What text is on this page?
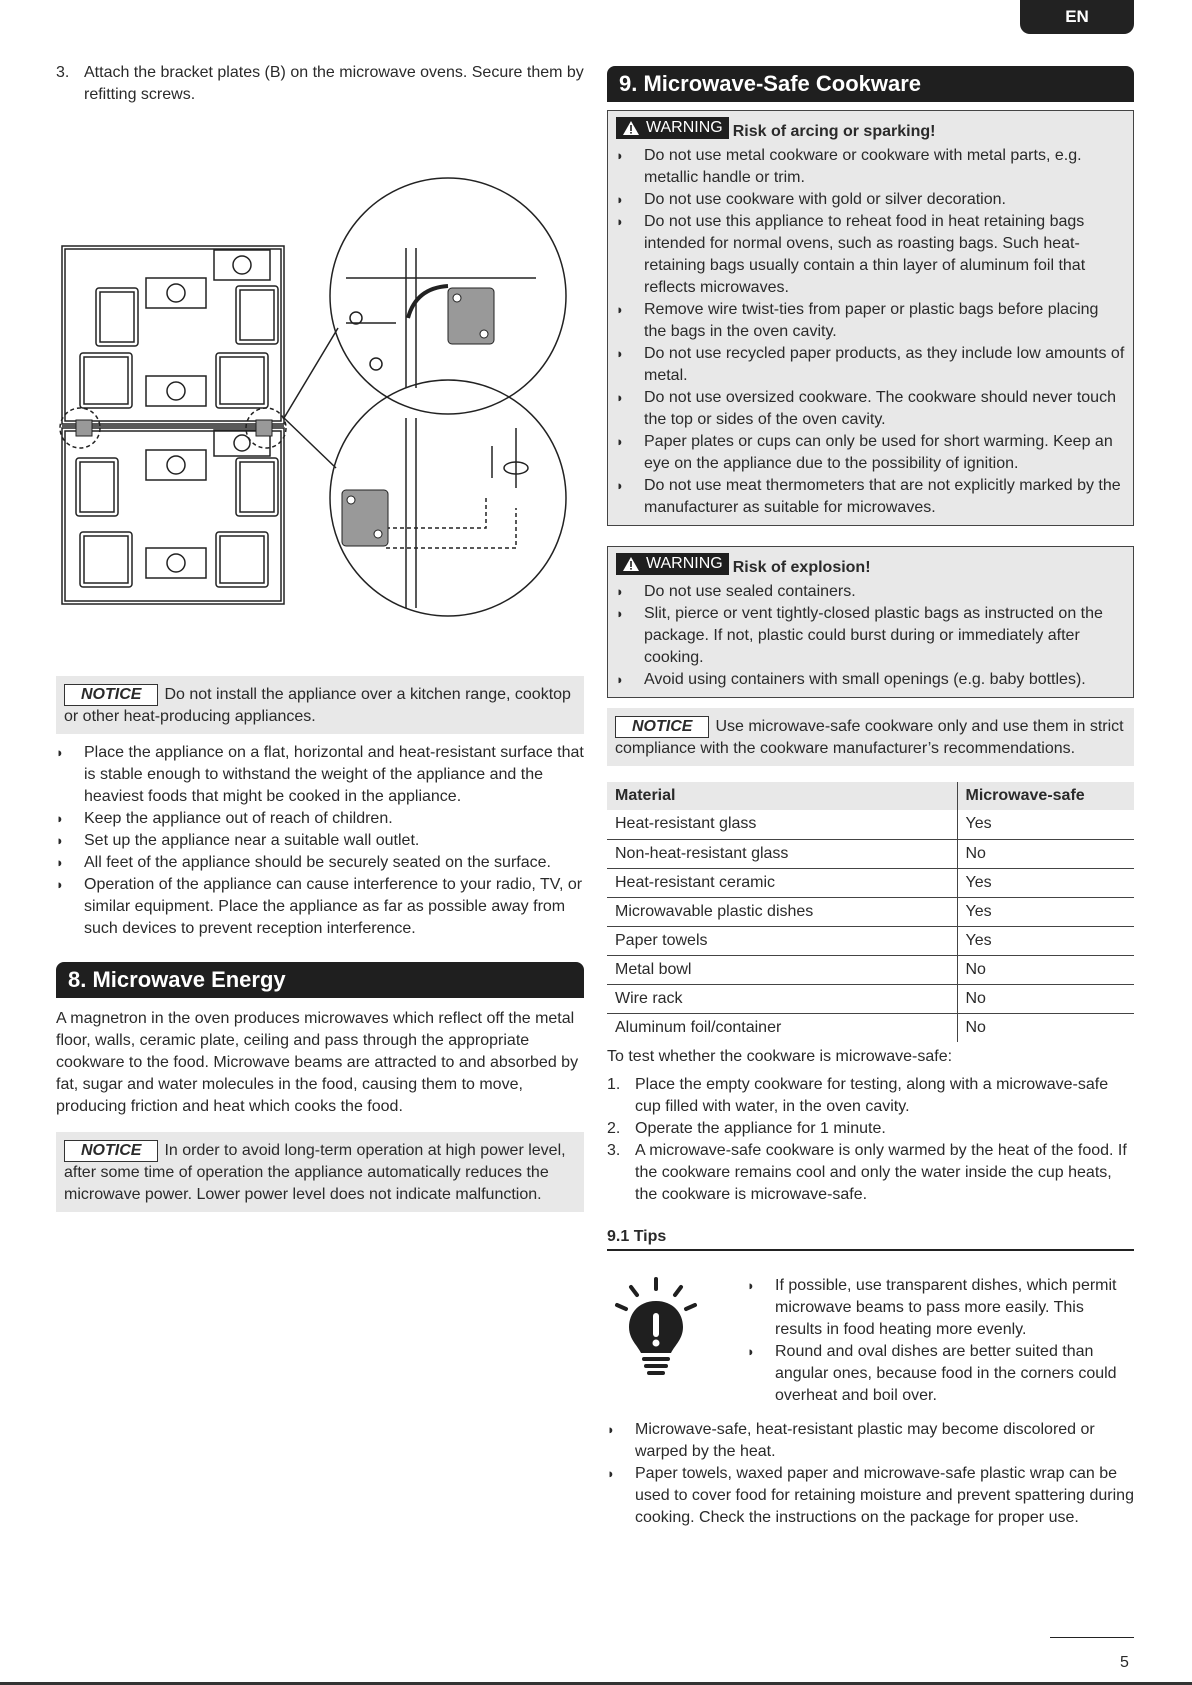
EN
3. Attach the bracket plates (B) on the microwave ovens. Secure them by refitting screws.
NOTICE Do not install the appliance over a kitchen range, cooktop or other heat-producing appliances.
◗ Place the appliance on a flat, horizontal and heat-resistant surface that is stable enough to withstand the weight of the appliance and the heaviest foods that might be cooked in the appliance.
◗ Keep the appliance out of reach of children.
◗ Set up the appliance near a suitable wall outlet.
◗ All feet of the appliance should be securely seated on the surface.
◗ Operation of the appliance can cause interference to your radio, TV, or similar equipment. Place the appliance as far as possible away from such devices to prevent reception interference.
8. Microwave Energy

A magnetron in the oven produces microwaves which reflect off the metal floor, walls, ceramic plate, ceiling and pass through the appropriate cookware to the food. Microwave beams are attracted to and absorbed by fat, sugar and water molecules in the food, causing them to move, producing friction and heat which cooks the food.

NOTICE In order to avoid long-term operation at high power level, after some time of operation the appliance automatically reduces the microwave power. Lower power level does not indicate malfunction.
9. Microwave-Safe Cookware
WARNING Risk of arcing or sparking!
◗ Do not use metal cookware or cookware with metal parts, e.g. metallic handle or trim.
◗ Do not use cookware with gold or silver decoration.
◗ Do not use this appliance to reheat food in heat retaining bags intended for normal ovens, such as roasting bags. Such heat-retaining bags usually contain a thin layer of aluminum foil that reflects microwaves.
◗ Remove wire twist-ties from paper or plastic bags before placing the bags in the oven cavity.
◗ Do not use recycled paper products, as they include low amounts of metal.
◗ Do not use oversized cookware. The cookware should never touch the top or sides of the oven cavity.
◗ Paper plates or cups can only be used for short warming. Keep an eye on the appliance due to the possibility of ignition.
◗ Do not use meat thermometers that are not explicitly marked by the manufacturer as suitable for microwaves.
WARNING Risk of explosion!
◗ Do not use sealed containers.
◗ Slit, pierce or vent tightly-closed plastic bags as instructed on the package. If not, plastic could burst during or immediately after cooking.
◗ Avoid using containers with small openings (e.g. baby bottles).
NOTICE Use microwave-safe cookware only and use them in strict compliance with the cookware manufacturer’s recommendations.
Material	Microwave-safe
Heat-resistant glass	Yes
Non-heat-resistant glass	No
Heat-resistant ceramic	Yes
Microwavable plastic dishes	Yes
Paper towels	Yes
Metal bowl	No
Wire rack	No
Aluminum foil/container	No

To test whether the cookware is microwave-safe:

1. Place the empty cookware for testing, along with a microwave-safe cup filled with water, in the oven cavity.
2. Operate the appliance for 1 minute.
3. A microwave-safe cookware is only warmed by the heat of the food. If the cookware remains cool and only the water inside the cup heats, the cookware is microwave-safe.
9.1 Tips
◗ If possible, use transparent dishes, which permit microwave beams to pass more easily. This results in food heating more evenly.
◗ Round and oval dishes are better suited than angular ones, because food in the corners could overheat and boil over.
◗ Microwave-safe, heat-resistant plastic may become discolored or warped by the heat.
◗ Paper towels, waxed paper and microwave-safe plastic wrap can be used to cover food for retaining moisture and prevent spattering during cooking. Check the instructions on the package for proper use.
5
